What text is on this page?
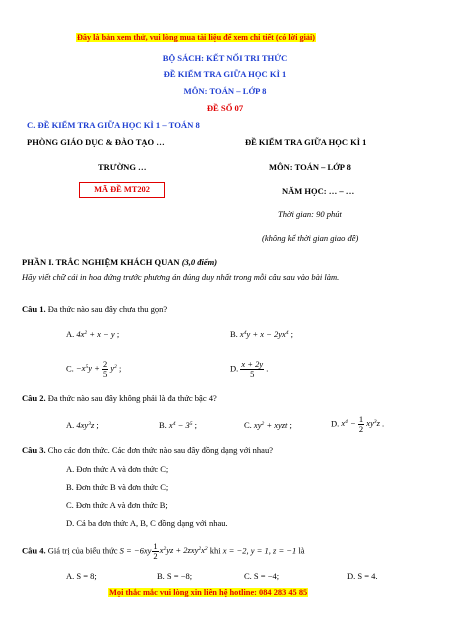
Đây là bản xem thử, vui lòng mua tài liệu để xem chi tiết (có lời giải)
BỘ SÁCH: KẾT NỐI TRI THỨC
ĐỀ KIỂM TRA GIỮA HỌC KÌ 1
MÔN: TOÁN – LỚP 8
ĐỀ SỐ 07
C. ĐỀ KIỂM TRA GIỮA HỌC KÌ 1 – TOÁN 8
PHÒNG GIÁO DỤC & ĐÀO TẠO …	ĐỀ KIỂM TRA GIỮA HỌC KÌ 1
TRƯỜNG …	MÔN: TOÁN – LỚP 8
MÃ ĐỀ MT202	NĂM HỌC: … – …
Thời gian: 90 phút
(không kể thời gian giao đề)
PHẦN I. TRẮC NGHIỆM KHÁCH QUAN (3,0 điểm)
Hãy viết chữ cái in hoa đứng trước phương án đúng duy nhất trong mỗi câu sau vào bài làm.
Câu 1. Đa thức nào sau đây chưa thu gọn?
A. $4x^2 + x - y$ ;	B. $x^4y + x - 2yx^4$ ;
C. $-x^5y + \frac{2}{5} y^2$ ;	D. $\frac{x + 2y}{5}$ .
Câu 2. Đa thức nào sau đây không phải là đa thức bậc 4?
A. $4xy^3z$ ;	B. $x^4 - 3^5$ ;	C. $xy^2$ + xyzt ;	D. $x^4 - \frac{1}{2} xy^3z$ .
Câu 3. Cho các đơn thức. Các đơn thức nào sau đây đồng dạng với nhau?
A. Đơn thức A và đơn thức C;
B. Đơn thức B và đơn thức C;
C. Đơn thức A và đơn thức B;
D. Cả ba đơn thức A, B, C đồng dạng với nhau.
Câu 4. Giá trị của biểu thức $S = -6xy \frac{1}{2} x^2yz + 2zxy^2x^2$ khi x = −2, y = 1, z = −1 là
A. S = 8;	B. S = −8;	C. S = −4;	D. S = 4.
Mọi thắc mắc vui lòng xin liên hệ hotline: 084 283 45 85
